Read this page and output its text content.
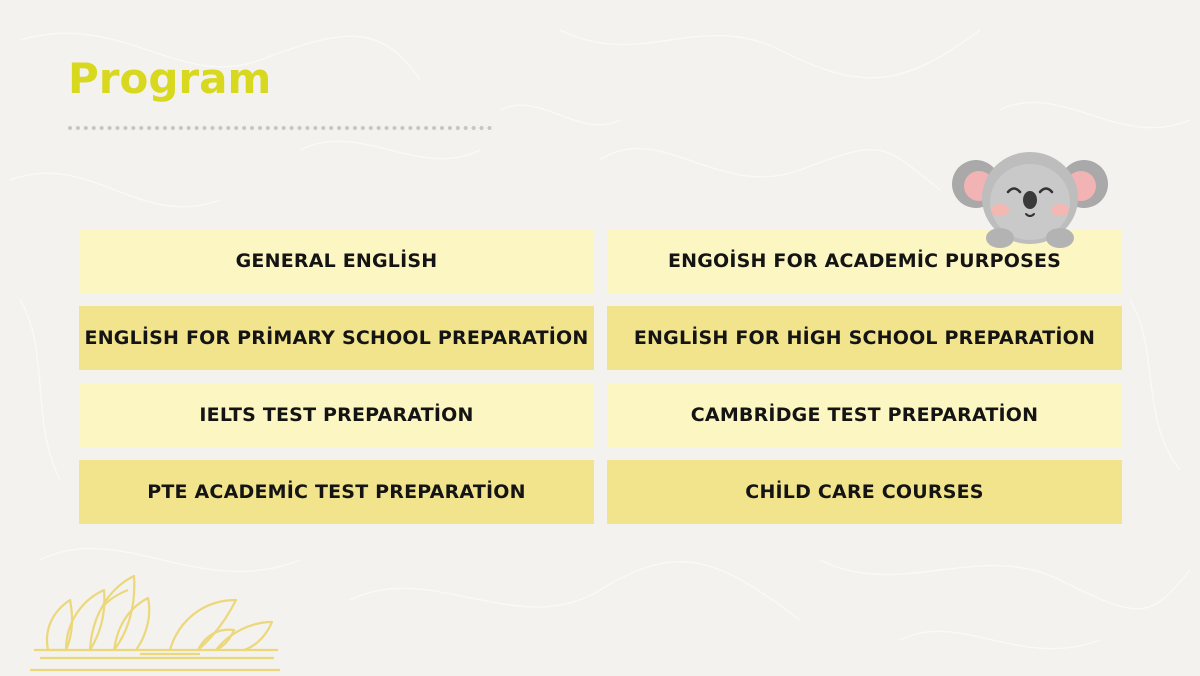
Program
GENERAL ENGLİSH	ENGOİSH FOR ACADEMİC PURPOSES
ENGLİSH FOR PRİMARY SCHOOL PREPARATİON	ENGLİSH FOR HİGH SCHOOL PREPARATİON
IELTS TEST PREPARATİON	CAMBRİDGE TEST PREPARATİON
PTE ACADEMİC TEST PREPARATİON	CHİLD CARE COURSES
